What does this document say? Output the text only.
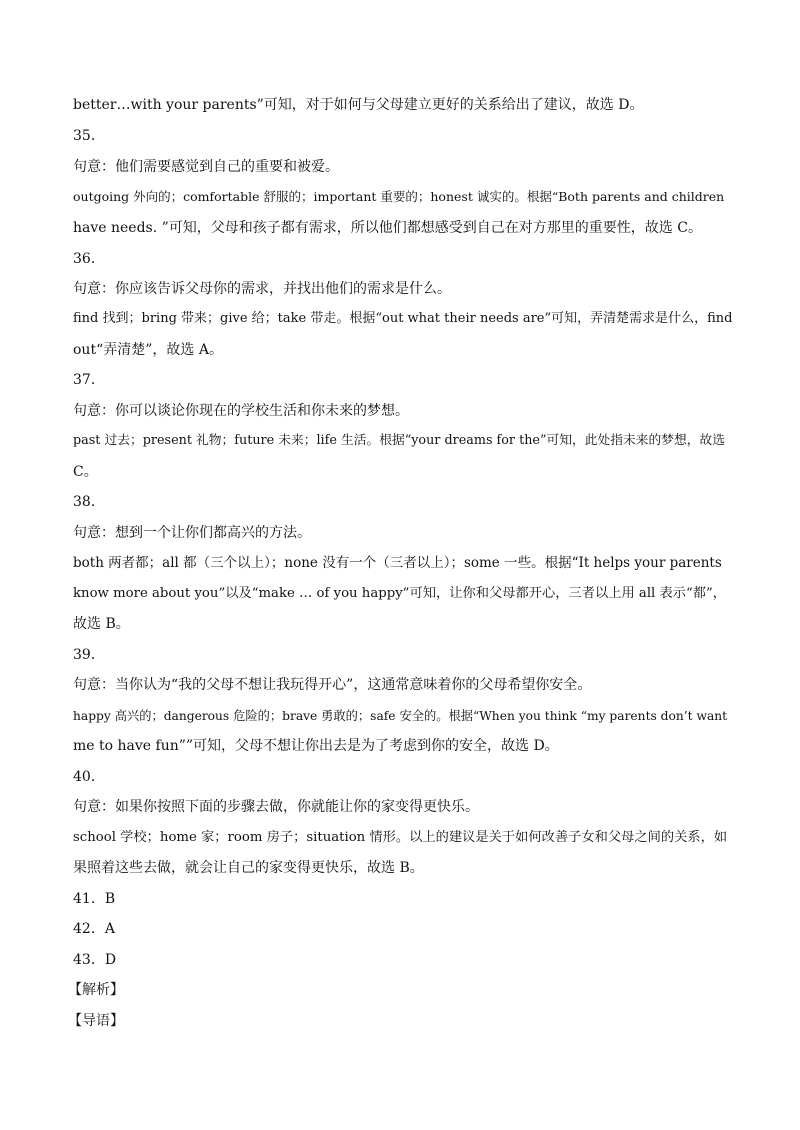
better…with your parents”可知，对于如何与父母建立更好的关系给出了建议，故选 D。
35．
句意：他们需要感觉到自己的重要和被爱。
outgoing 外向的；comfortable 舒服的；important 重要的；honest 诚实的。根据“Both parents and children
have needs. ”可知，父母和孩子都有需求，所以他们都想感受到自己在对方那里的重要性，故选 C。
36．
句意：你应该告诉父母你的需求，并找出他们的需求是什么。
find 找到；bring 带来；give 给；take 带走。根据“out what their needs are”可知，弄清楚需求是什么，find
out“弄清楚”，故选 A。
37．
句意：你可以谈论你现在的学校生活和你未来的梦想。
past 过去；present 礼物；future 未来；life 生活。根据“your dreams for the”可知，此处指未来的梦想，故选
C。
38．
句意：想到一个让你们都高兴的方法。
both 两者都；all 都（三个以上）；none 没有一个（三者以上）；some 一些。根据“It helps your parents
know more about you”以及“make … of you happy”可知，让你和父母都开心，三者以上用 all 表示“都”，
故选 B。
39．
句意：当你认为“我的父母不想让我玩得开心”，这通常意味着你的父母希望你安全。
happy 高兴的；dangerous 危险的；brave 勇敢的；safe 安全的。根据“When you think “my parents don’t want
me to have fun””可知，父母不想让你出去是为了考虑到你的安全，故选 D。
40．
句意：如果你按照下面的步骤去做，你就能让你的家变得更快乐。
school 学校；home 家；room 房子；situation 情形。以上的建议是关于如何改善子女和父母之间的关系，如
果照着这些去做，就会让自己的家变得更快乐，故选 B。
41．B
42．A
43．D
【解析】
【导语】
